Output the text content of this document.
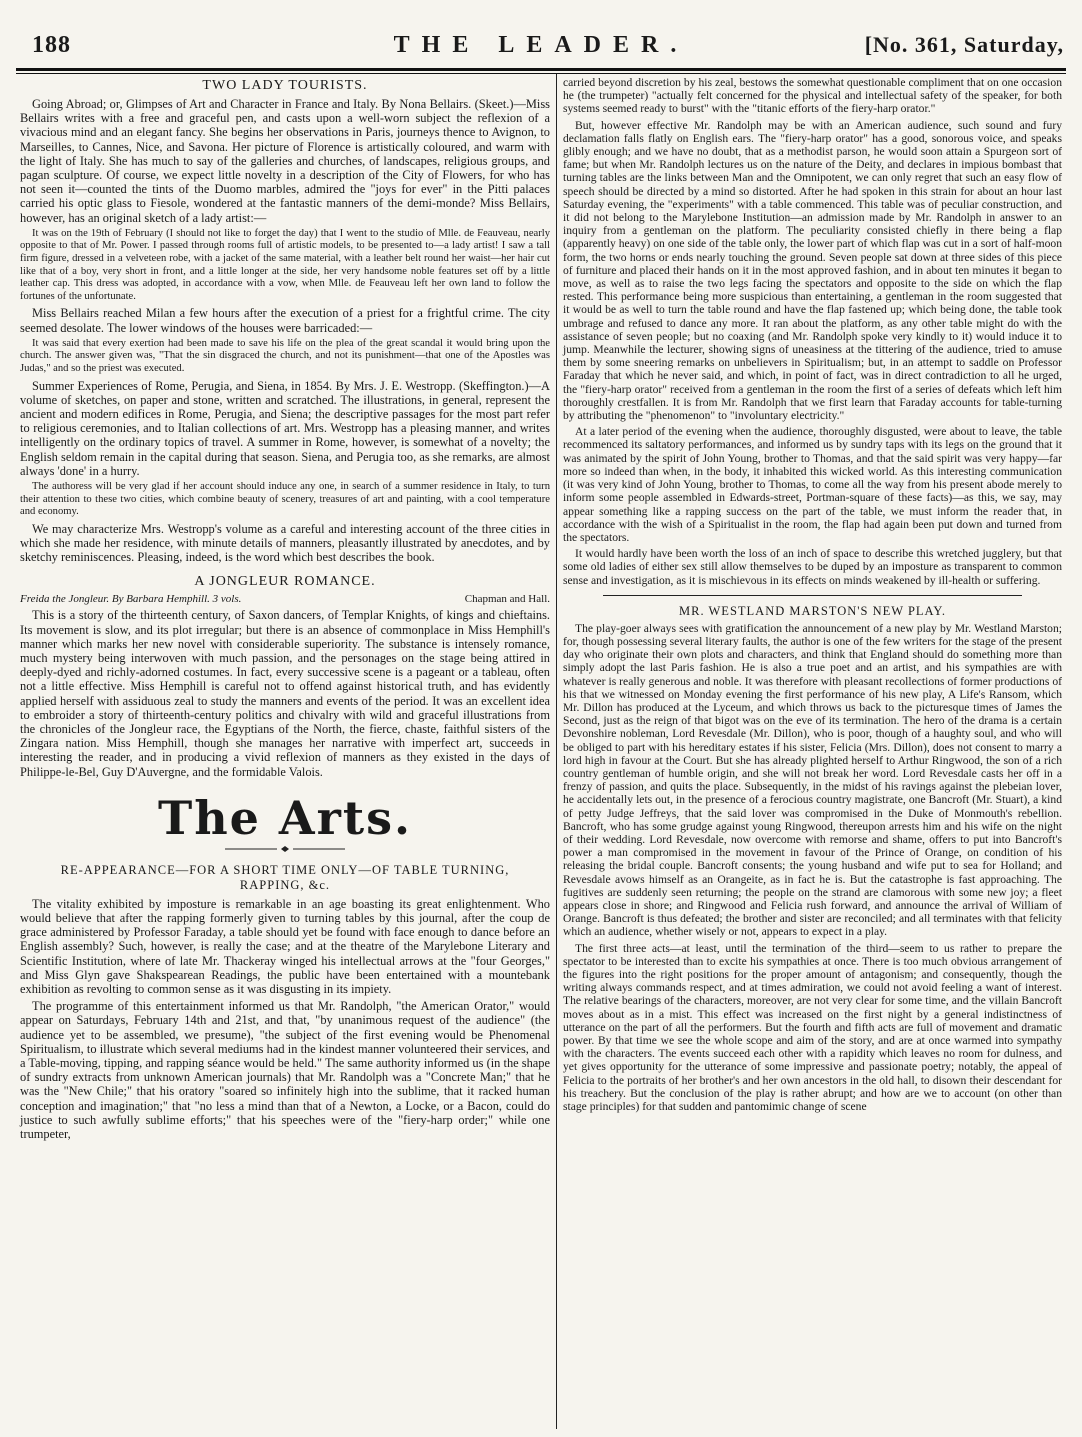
188	THE LEADER.	[No. 361, Saturday,
TWO LADY TOURISTS.

Going Abroad; or, Glimpses of Art and Character in France and Italy. By Nona Bellairs. (Skeet.)—Miss Bellairs writes with a free and graceful pen, and casts upon a well-worn subject the reflexion of a vivacious mind and an elegant fancy. She begins her observations in Paris, journeys thence to Avignon, to Marseilles, to Cannes, Nice, and Savona. Her picture of Florence is artistically coloured, and warm with the light of Italy. She has much to say of the galleries and churches, of landscapes, religious groups, and pagan sculpture. Of course, we expect little novelty in a description of the City of Flowers, for who has not seen it—counted the tints of the Duomo marbles, admired the "joys for ever" in the Pitti palaces carried his optic glass to Fiesole, wondered at the fantastic manners of the demi-monde? Miss Bellairs, however, has an original sketch of a lady artist:—

It was on the 19th of February (I should not like to forget the day) that I went to the studio of Mlle. de Feauveau, nearly opposite to that of Mr. Power. I passed through rooms full of artistic models, to be presented to—a lady artist! I saw a tall firm figure, dressed in a velveteen robe, with a jacket of the same material, with a leather belt round her waist—her hair cut like that of a boy, very short in front, and a little longer at the side, her very handsome noble features set off by a little leather cap. This dress was adopted, in accordance with a vow, when Mlle. de Feauveau left her own land to follow the fortunes of the unfortunate.

Miss Bellairs reached Milan a few hours after the execution of a priest for a frightful crime. The city seemed desolate. The lower windows of the houses were barricaded:—

It was said that every exertion had been made to save his life on the plea of the great scandal it would bring upon the church. The answer given was, "That the sin disgraced the church, and not its punishment—that one of the Apostles was Judas," and so the priest was executed.

Summer Experiences of Rome, Perugia, and Siena, in 1854. By Mrs. J. E. Westropp. (Skeffington.)—A volume of sketches, on paper and stone, written and scratched. The illustrations, in general, represent the ancient and modern edifices in Rome, Perugia, and Siena; the descriptive passages for the most part refer to religious ceremonies, and to Italian collections of art. Mrs. Westropp has a pleasing manner, and writes intelligently on the ordinary topics of travel. A summer in Rome, however, is somewhat of a novelty; the English seldom remain in the capital during that season. Siena, and Perugia too, as she remarks, are almost always 'done' in a hurry.

The authoress will be very glad if her account should induce any one, in search of a summer residence in Italy, to turn their attention to these two cities, which combine beauty of scenery, treasures of art and painting, with a cool temperature and economy.

We may characterize Mrs. Westropp's volume as a careful and interesting account of the three cities in which she made her residence, with minute details of manners, pleasantly illustrated by anecdotes, and by sketchy reminiscences. Pleasing, indeed, is the word which best describes the book.

A JONGLEUR ROMANCE.
Freida the Jongleur. By Barbara Hemphill. 3 vols.	Chapman and Hall.

This is a story of the thirteenth century, of Saxon dancers, of Templar Knights, of kings and chieftains. Its movement is slow, and its plot irregular; but there is an absence of commonplace in Miss Hemphill's manner which marks her new novel with considerable superiority. The substance is intensely romance, much mystery being interwoven with much passion, and the personages on the stage being attired in deeply-dyed and richly-adorned costumes. In fact, every successive scene is a pageant or a tableau, often not a little effective. Miss Hemphill is careful not to offend against historical truth, and has evidently applied herself with assiduous zeal to study the manners and events of the period. It was an excellent idea to embroider a story of thirteenth-century politics and chivalry with wild and graceful illustrations from the chronicles of the Jongleur race, the Egyptians of the North, the fierce, chaste, faithful sisters of the Zingara nation. Miss Hemphill, though she manages her narrative with imperfect art, succeeds in interesting the reader, and in producing a vivid reflexion of manners as they existed in the days of Philippe-le-Bel, Guy D'Auvergne, and the formidable Valois.

The Arts.
RE-APPEARANCE—FOR A SHORT TIME ONLY—OF TABLE TURNING, RAPPING, &c.

The vitality exhibited by imposture is remarkable in an age boasting its great enlightenment. Who would believe that after the rapping formerly given to turning tables by this journal, after the coup de grace administered by Professor Faraday, a table should yet be found with face enough to dance before an English assembly? Such, however, is really the case; and at the theatre of the Marylebone Literary and Scientific Institution, where of late Mr. Thackeray winged his intellectual arrows at the "four Georges," and Miss Glyn gave Shakspearean Readings, the public have been entertained with a mountebank exhibition as revolting to common sense as it was disgusting in its impiety.

The programme of this entertainment informed us that Mr. Randolph, "the American Orator," would appear on Saturdays, February 14th and 21st, and that, "by unanimous request of the audience" (the audience yet to be assembled, we presume), "the subject of the first evening would be Phenomenal Spiritualism, to illustrate which several mediums had in the kindest manner volunteered their services, and a Table-moving, tipping, and rapping séance would be held." The same authority informed us (in the shape of sundry extracts from unknown American journals) that Mr. Randolph was a "Concrete Man;" that he was the "New Chile;" that his oratory "soared so infinitely high into the sublime, that it racked human conception and imagination;" that "no less a mind than that of a Newton, a Locke, or a Bacon, could do justice to such awfully sublime efforts;" that his speeches were of the "fiery-harp order;" while one trumpeter,

carried beyond discretion by his zeal, bestows the somewhat questionable compliment that on one occasion he (the trumpeter) "actually felt concerned for the physical and intellectual safety of the speaker, for both systems seemed ready to burst" with the "titanic efforts of the fiery-harp orator."

But, however effective Mr. Randolph may be with an American audience, such sound and fury declamation falls flatly on English ears. The "fiery-harp orator" has a good, sonorous voice, and speaks glibly enough; and we have no doubt, that as a methodist parson, he would soon attain a Spurgeon sort of fame; but when Mr. Randolph lectures us on the nature of the Deity, and declares in impious bombast that turning tables are the links between Man and the Omnipotent, we can only regret that such an easy flow of speech should be directed by a mind so distorted. After he had spoken in this strain for about an hour last Saturday evening, the "experiments" with a table commenced. This table was of peculiar construction, and it did not belong to the Marylebone Institution—an admission made by Mr. Randolph in answer to an inquiry from a gentleman on the platform. The peculiarity consisted chiefly in there being a flap (apparently heavy) on one side of the table only, the lower part of which flap was cut in a sort of half-moon form, the two horns or ends nearly touching the ground. Seven people sat down at three sides of this piece of furniture and placed their hands on it in the most approved fashion, and in about ten minutes it began to move, as well as to raise the two legs facing the spectators and opposite to the side on which the flap rested. This performance being more suspicious than entertaining, a gentleman in the room suggested that it would be as well to turn the table round and have the flap fastened up; which being done, the table took umbrage and refused to dance any more. It ran about the platform, as any other table might do with the assistance of seven people; but no coaxing (and Mr. Randolph spoke very kindly to it) would induce it to jump. Meanwhile the lecturer, showing signs of uneasiness at the tittering of the audience, tried to amuse them by some sneering remarks on unbelievers in Spiritualism; but, in an attempt to saddle on Professor Faraday that which he never said, and which, in point of fact, was in direct contradiction to all he urged, the "fiery-harp orator" received from a gentleman in the room the first of a series of defeats which left him thoroughly crestfallen. It is from Mr. Randolph that we first learn that Faraday accounts for table-turning by attributing the "phenomenon" to "involuntary electricity."

At a later period of the evening when the audience, thoroughly disgusted, were about to leave, the table recommenced its saltatory performances, and informed us by sundry taps with its legs on the ground that it was animated by the spirit of John Young, brother to Thomas, and that the said spirit was very happy—far more so indeed than when, in the body, it inhabited this wicked world. As this interesting communication (it was very kind of John Young, brother to Thomas, to come all the way from his present abode merely to inform some people assembled in Edwards-street, Portman-square of these facts)—as this, we say, may appear something like a rapping success on the part of the table, we must inform the reader that, in accordance with the wish of a Spiritualist in the room, the flap had again been put down and turned from the spectators.

It would hardly have been worth the loss of an inch of space to describe this wretched jugglery, but that some old ladies of either sex still allow themselves to be duped by an imposture as transparent to common sense and investigation, as it is mischievous in its effects on minds weakened by ill-health or suffering.

MR. WESTLAND MARSTON'S NEW PLAY.

The play-goer always sees with gratification the announcement of a new play by Mr. Westland Marston; for, though possessing several literary faults, the author is one of the few writers for the stage of the present day who originate their own plots and characters, and think that England should do something more than simply adopt the last Paris fashion. He is also a true poet and an artist, and his sympathies are with whatever is really generous and noble. It was therefore with pleasant recollections of former productions of his that we witnessed on Monday evening the first performance of his new play, A Life's Ransom, which Mr. Dillon has produced at the Lyceum, and which throws us back to the picturesque times of James the Second, just as the reign of that bigot was on the eve of its termination. The hero of the drama is a certain Devonshire nobleman, Lord Revesdale (Mr. Dillon), who is poor, though of a haughty soul, and who will be obliged to part with his hereditary estates if his sister, Felicia (Mrs. Dillon), does not consent to marry a lord high in favour at the Court. But she has already plighted herself to Arthur Ringwood, the son of a rich country gentleman of humble origin, and she will not break her word. Lord Revesdale casts her off in a frenzy of passion, and quits the place. Subsequently, in the midst of his ravings against the plebeian lover, he accidentally lets out, in the presence of a ferocious country magistrate, one Bancroft (Mr. Stuart), a kind of petty Judge Jeffreys, that the said lover was compromised in the Duke of Monmouth's rebellion. Bancroft, who has some grudge against young Ringwood, thereupon arrests him and his wife on the night of their wedding. Lord Revesdale, now overcome with remorse and shame, offers to put into Bancroft's power a man compromised in the movement in favour of the Prince of Orange, on condition of his releasing the bridal couple. Bancroft consents; the young husband and wife put to sea for Holland; and Revesdale avows himself as an Orangeite, as in fact he is. But the catastrophe is fast approaching. The fugitives are suddenly seen returning; the people on the strand are clamorous with some new joy; a fleet appears close in shore; and Ringwood and Felicia rush forward, and announce the arrival of William of Orange. Bancroft is thus defeated; the brother and sister are reconciled; and all terminates with that felicity which an audience, whether wisely or not, appears to expect in a play.

The first three acts—at least, until the termination of the third—seem to us rather to prepare the spectator to be interested than to excite his sympathies at once. There is too much obvious arrangement of the figures into the right positions for the proper amount of antagonism; and consequently, though the writing always commands respect, and at times admiration, we could not avoid feeling a want of interest. The relative bearings of the characters, moreover, are not very clear for some time, and the villain Bancroft moves about as in a mist. This effect was increased on the first night by a general indistinctness of utterance on the part of all the performers. But the fourth and fifth acts are full of movement and dramatic power. By that time we see the whole scope and aim of the story, and are at once warmed into sympathy with the characters. The events succeed each other with a rapidity which leaves no room for dulness, and yet gives opportunity for the utterance of some impressive and passionate poetry; notably, the appeal of Felicia to the portraits of her brother's and her own ancestors in the old hall, to disown their descendant for his treachery. But the conclusion of the play is rather abrupt; and how are we to account (on other than stage principles) for that sudden and pantomimic change of scene
